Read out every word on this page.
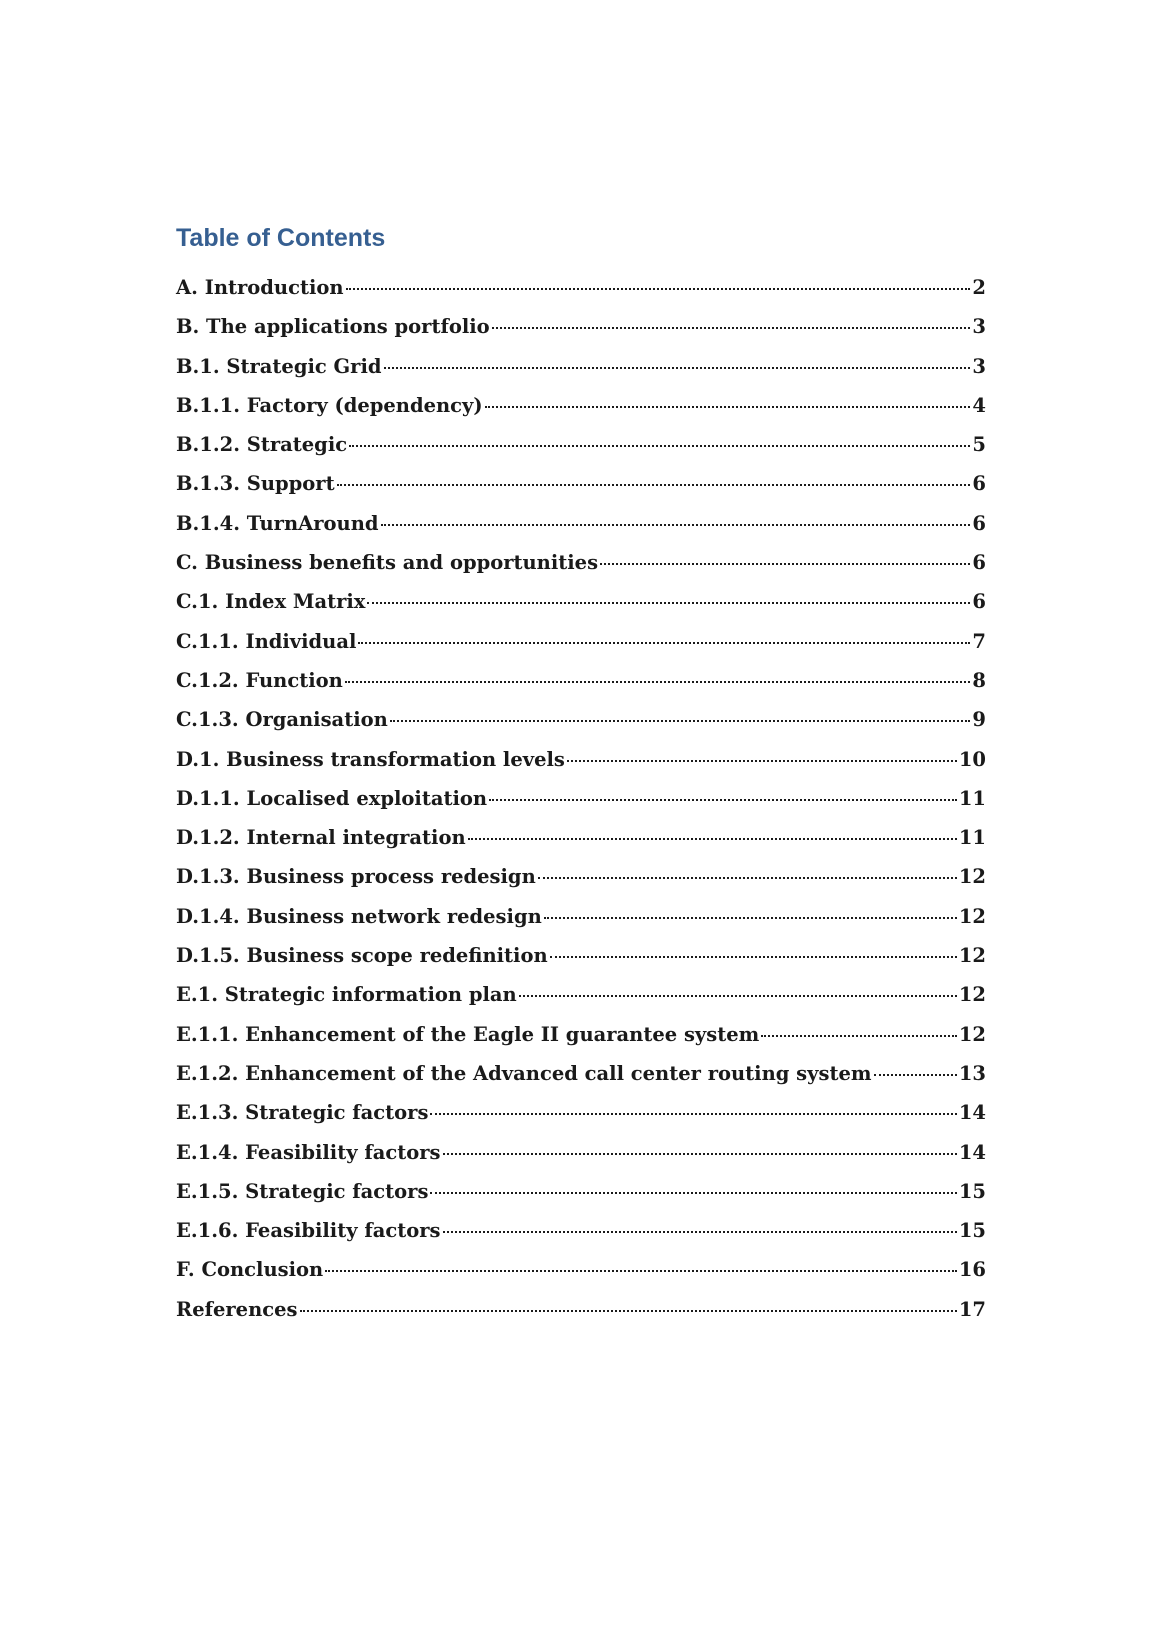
Table of Contents
A. Introduction	2
B. The applications portfolio	3
B.1. Strategic Grid	3
B.1.1. Factory (dependency)	4
B.1.2. Strategic	5
B.1.3. Support	6
B.1.4. TurnAround	6
C. Business benefits and opportunities	6
C.1. Index Matrix	6
C.1.1. Individual	7
C.1.2. Function	8
C.1.3. Organisation	9
D.1. Business transformation levels	10
D.1.1. Localised exploitation	11
D.1.2. Internal integration	11
D.1.3. Business process redesign	12
D.1.4. Business network redesign	12
D.1.5. Business scope redefinition	12
E.1. Strategic information plan	12
E.1.1. Enhancement of the Eagle II guarantee system	12
E.1.2. Enhancement of the Advanced call center routing system	13
E.1.3. Strategic factors	14
E.1.4. Feasibility factors	14
E.1.5. Strategic factors	15
E.1.6. Feasibility factors	15
F. Conclusion	16
References	17
